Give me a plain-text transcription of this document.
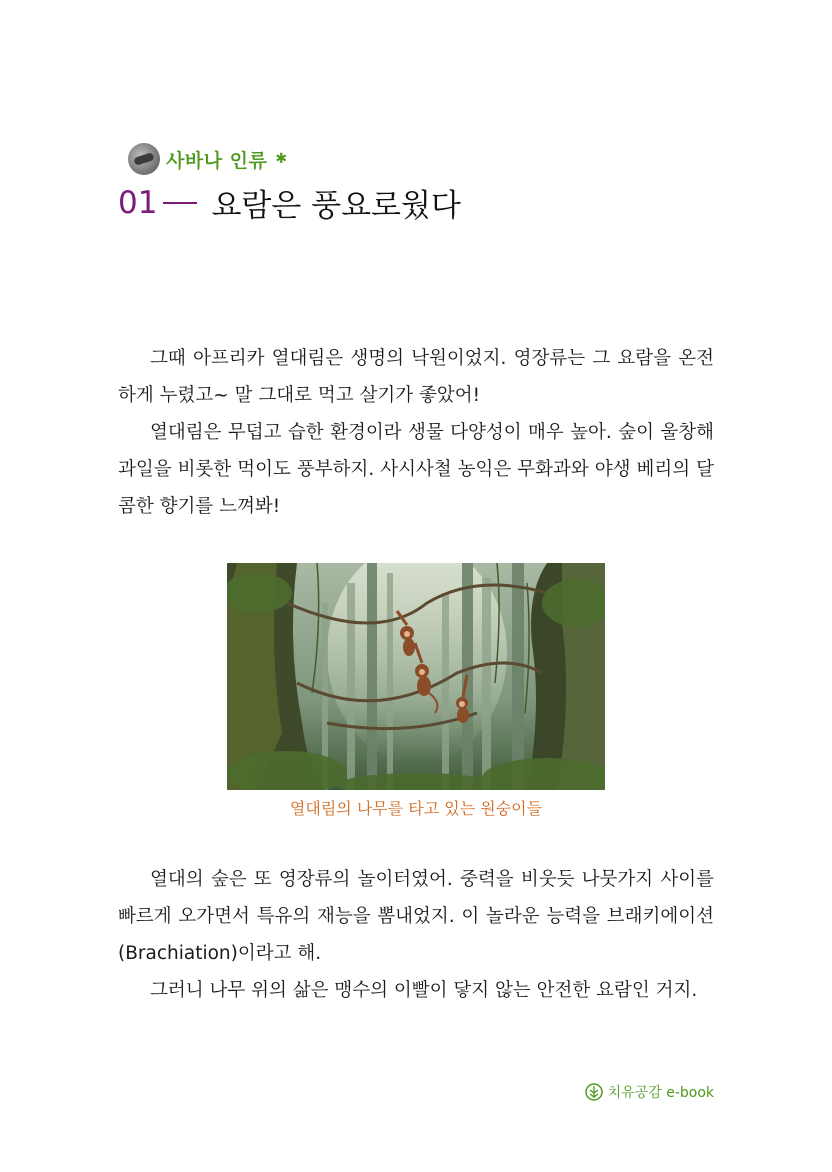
사바나 인류 ✱
01 요람은 풍요로웠다

그때 아프리카 열대림은 생명의 낙원이었지. 영장류는 그 요람을 온전하게 누렸고~ 말 그대로 먹고 살기가 좋았어!

열대림은 무덥고 습한 환경이라 생물 다양성이 매우 높아. 숲이 울창해 과일을 비롯한 먹이도 풍부하지. 사시사철 농익은 무화과와 야생 베리의 달콤한 향기를 느껴봐!

열대림의 나무를 타고 있는 원숭이들

열대의 숲은 또 영장류의 놀이터였어. 중력을 비웃듯 나뭇가지 사이를 빠르게 오가면서 특유의 재능을 뽐내었지. 이 놀라운 능력을 브래키에이션(Brachiation)이라고 해.

그러니 나무 위의 삶은 맹수의 이빨이 닿지 않는 안전한 요람인 거지.

치유공감 e-book
